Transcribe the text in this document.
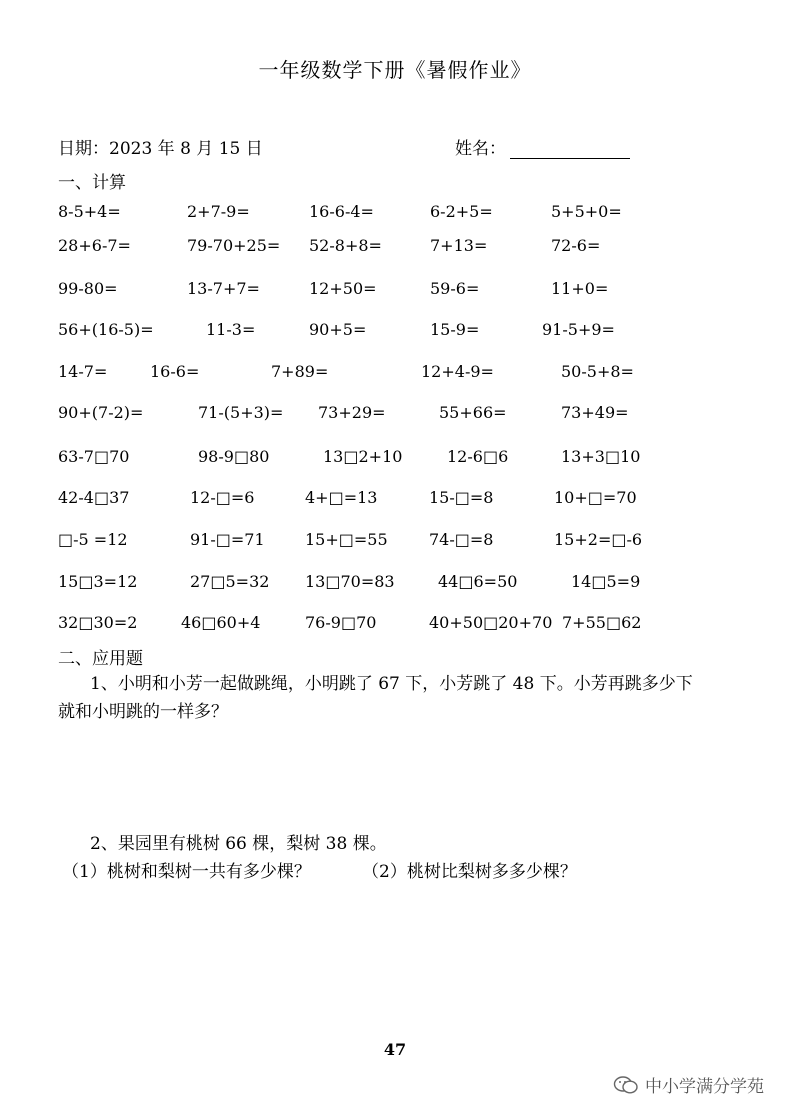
一年级数学下册《暑假作业》
日期：2023 年 8 月 15 日	姓名：
一、计算
8-5+4=	2+7-9=	16-6-4=	6-2+5=	5+5+0=
28+6-7=	79-70+25= 52-8+8=	7+13=	72-6=
99-80=	13-7+7=	12+50=	59-6=	11+0=
56+(16-5)=	11-3=	90+5=	15-9=	91-5+9=
14-7=	16-6=	7+89=	12+4-9=	50-5+8=
90+(7-2)=	71-(5+3)= 73+29=	55+66=	73+49=
63-7□70	98-9□80	13□2+10	12-6□6	13+3□10
42-4□37	12-□=6	4+□=13	15-□=8	10+□=70
□-5 =12	91-□=71	15+□=55	74-□=8	15+2=□-6
15□3=12	27□5=32 13□70=83	44□6=50	14□5=9
32□30=2	46□60+4	76-9□70	40+50□20+70 7+55□62
二、应用题
1、小明和小芳一起做跳绳，小明跳了 67 下，小芳跳了 48 下。小芳再跳多少下
就和小明跳的一样多？
2、果园里有桃树 66 棵，梨树 38 棵。
（1）桃树和梨树一共有多少棵？	（2）桃树比梨树多多少棵？
47
中小学满分学苑
